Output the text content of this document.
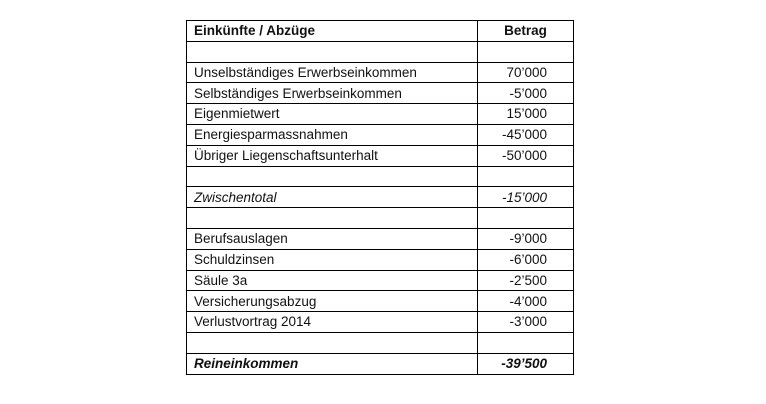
Einkünfte / Abzüge	Betrag

Unselbständiges Erwerbseinkommen	70’000
Selbständiges Erwerbseinkommen	-5’000
Eigenmietwert	15’000
Energiesparmassnahmen	-45’000
Übriger Liegenschaftsunterhalt	-50’000

Zwischentotal	-15’000

Berufsauslagen	-9’000
Schuldzinsen	-6’000
Säule 3a	-2’500
Versicherungsabzug	-4’000
Verlustvortrag 2014	-3’000

Reineinkommen	-39’500
